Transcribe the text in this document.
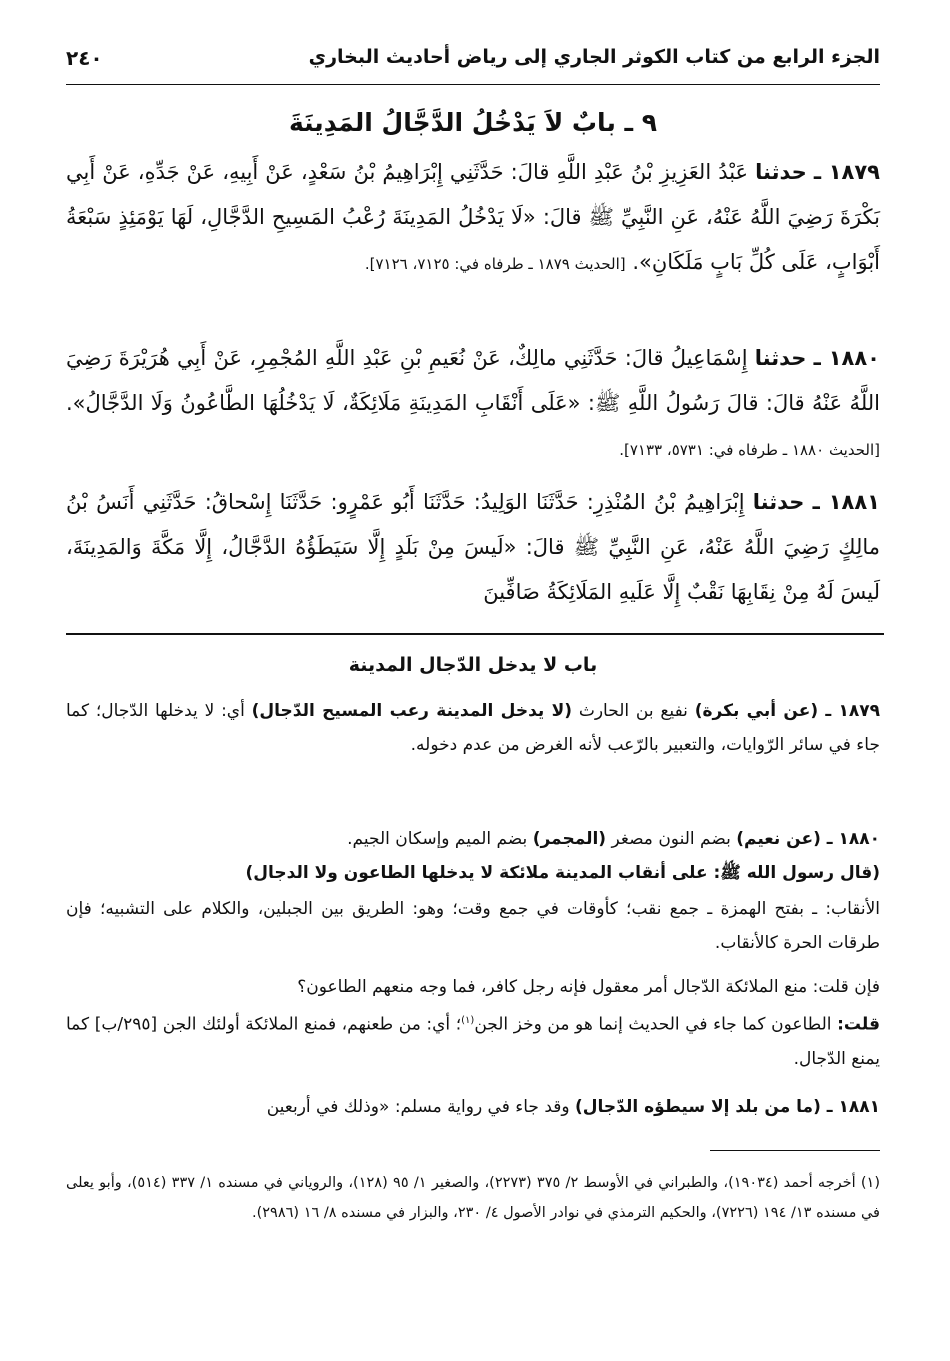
الجزء الرابع من كتاب الكوثر الجاري إلى رياض أحاديث البخاري
٢٤٠
٩ ـ بابٌ لاَ يَدْخُلُ الدَّجَّالُ المَدِينَةَ

١٨٧٩ ـ حدثنا عَبْدُ العَزِيزِ بْنُ عَبْدِ اللَّهِ قالَ: حَدَّثَنِي إِبْرَاهِيمُ بْنُ سَعْدٍ، عَنْ أَبِيهِ، عَنْ جَدِّهِ، عَنْ أَبِي بَكْرَةَ رَضِيَ اللَّهُ عَنْهُ، عَنِ النَّبِيِّ ﷺ قالَ: «لَا يَدْخُلُ المَدِينَةَ رُعْبُ المَسِيحِ الدَّجَّالِ، لَهَا يَوْمَئِذٍ سَبْعَةُ أَبْوَابٍ، عَلَى كُلِّ بَابٍ مَلَكَانِ». [الحديث ١٨٧٩ ـ طرفاه في: ٧١٢٥، ٧١٢٦].

١٨٨٠ ـ حدثنا إِسْمَاعِيلُ قالَ: حَدَّثَنِي مالِكٌ، عَنْ نُعَيمِ بْنِ عَبْدِ اللَّهِ المُجْمِرِ، عَنْ أَبِي هُرَيْرَةَ رَضِيَ اللَّهُ عَنْهُ قالَ: قالَ رَسُولُ اللَّهِ ﷺ: «عَلَى أَنْقَابِ المَدِينَةِ مَلَائِكَةٌ، لَا يَدْخُلُهَا الطَّاعُونُ وَلَا الدَّجَّالُ». [الحديث ١٨٨٠ ـ طرفاه في: ٥٧٣١، ٧١٣٣].

١٨٨١ ـ حدثنا إِبْرَاهِيمُ بْنُ المُنْذِرِ: حَدَّثَنَا الوَلِيدُ: حَدَّثَنَا أَبُو عَمْرٍو: حَدَّثَنَا إِسْحاقُ: حَدَّثَنِي أَنَسُ بْنُ مالِكٍ رَضِيَ اللَّهُ عَنْهُ، عَنِ النَّبِيِّ ﷺ قالَ: «لَيسَ مِنْ بَلَدٍ إِلَّا سَيَطَؤُهُ الدَّجَّالُ، إِلَّا مَكَّةَ وَالمَدِينَةَ، لَيسَ لَهُ مِنْ نِقَابِهَا نَقْبٌ إِلَّا عَلَيهِ المَلَائِكَةُ صَافِّينَ

باب لا يدخل الدّجال المدينة

١٨٧٩ ـ (عن أبي بكرة) نفيع بن الحارث (لا يدخل المدينة رعب المسيح الدّجال) أي: لا يدخلها الدّجال؛ كما جاء في سائر الرّوايات، والتعبير بالرّعب لأنه الغرض من عدم دخوله.

١٨٨٠ ـ (عن نعيم) بضم النون مصغر (المجمر) بضم الميم وإسكان الجيم.

(قال رسول الله ﷺ: على أنقاب المدينة ملائكة لا يدخلها الطاعون ولا الدجال)

الأنقاب: ـ بفتح الهمزة ـ جمع نقب؛ كأوقات في جمع وقت؛ وهو: الطريق بين الجبلين، والكلام على التشبيه؛ فإن طرقات الحرة كالأنقاب.

فإن قلت: منع الملائكة الدّجال أمر معقول فإنه رجل كافر، فما وجه منعهم الطاعون؟

قلت: الطاعون كما جاء في الحديث إنما هو من وخز الجن$^{(١)}$؛ أي: من طعنهم، فمنع الملائكة أولئك الجن [٢٩٥/ب] كما يمنع الدّجال.

١٨٨١ ـ (ما من بلد إلا سيطؤه الدّجال) وقد جاء في رواية مسلم: «وذلك في أربعين

(١) أخرجه أحمد (١٩٠٣٤)، والطبراني في الأوسط ٢/ ٣٧٥ (٢٢٧٣)، والصغير ١/ ٩٥ (١٢٨)، والروياني في مسنده ١/ ٣٣٧ (٥١٤)، وأبو يعلى في مسنده ١٣/ ١٩٤ (٧٢٢٦)، والحكيم الترمذي في نوادر الأصول ٤/ ٢٣٠، والبزار في مسنده ٨/ ١٦ (٢٩٨٦).
